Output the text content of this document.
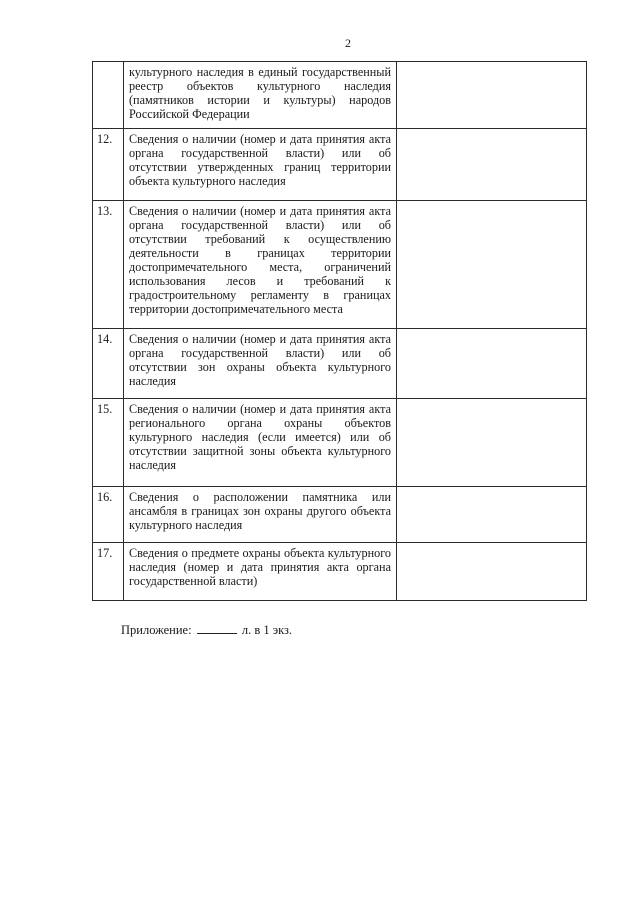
2
	культурного наследия в единый государственный реестр объектов культурного наследия (памятников истории и культуры) народов Российской Федерации	
12.	Сведения о наличии (номер и дата принятия акта органа государственной власти) или об отсутствии утвержденных границ территории объекта культурного наследия	
13.	Сведения о наличии (номер и дата принятия акта органа государственной власти) или об отсутствии требований к осуществлению деятельности в границах территории достопримечательного места, ограничений использования лесов и требований к градостроительному регламенту в границах территории достопримечательного места	
14.	Сведения о наличии (номер и дата принятия акта органа государственной власти) или об отсутствии зон охраны объекта культурного наследия	
15.	Сведения о наличии (номер и дата принятия акта регионального органа охраны объектов культурного наследия (если имеется) или об отсутствии защитной зоны объекта культурного наследия	
16.	Сведения о расположении памятника или ансамбля в границах зон охраны другого объекта культурного наследия	
17.	Сведения о предмете охраны объекта культурного наследия (номер и дата принятия акта органа государственной власти)	
Приложение:	л. в 1 экз.
